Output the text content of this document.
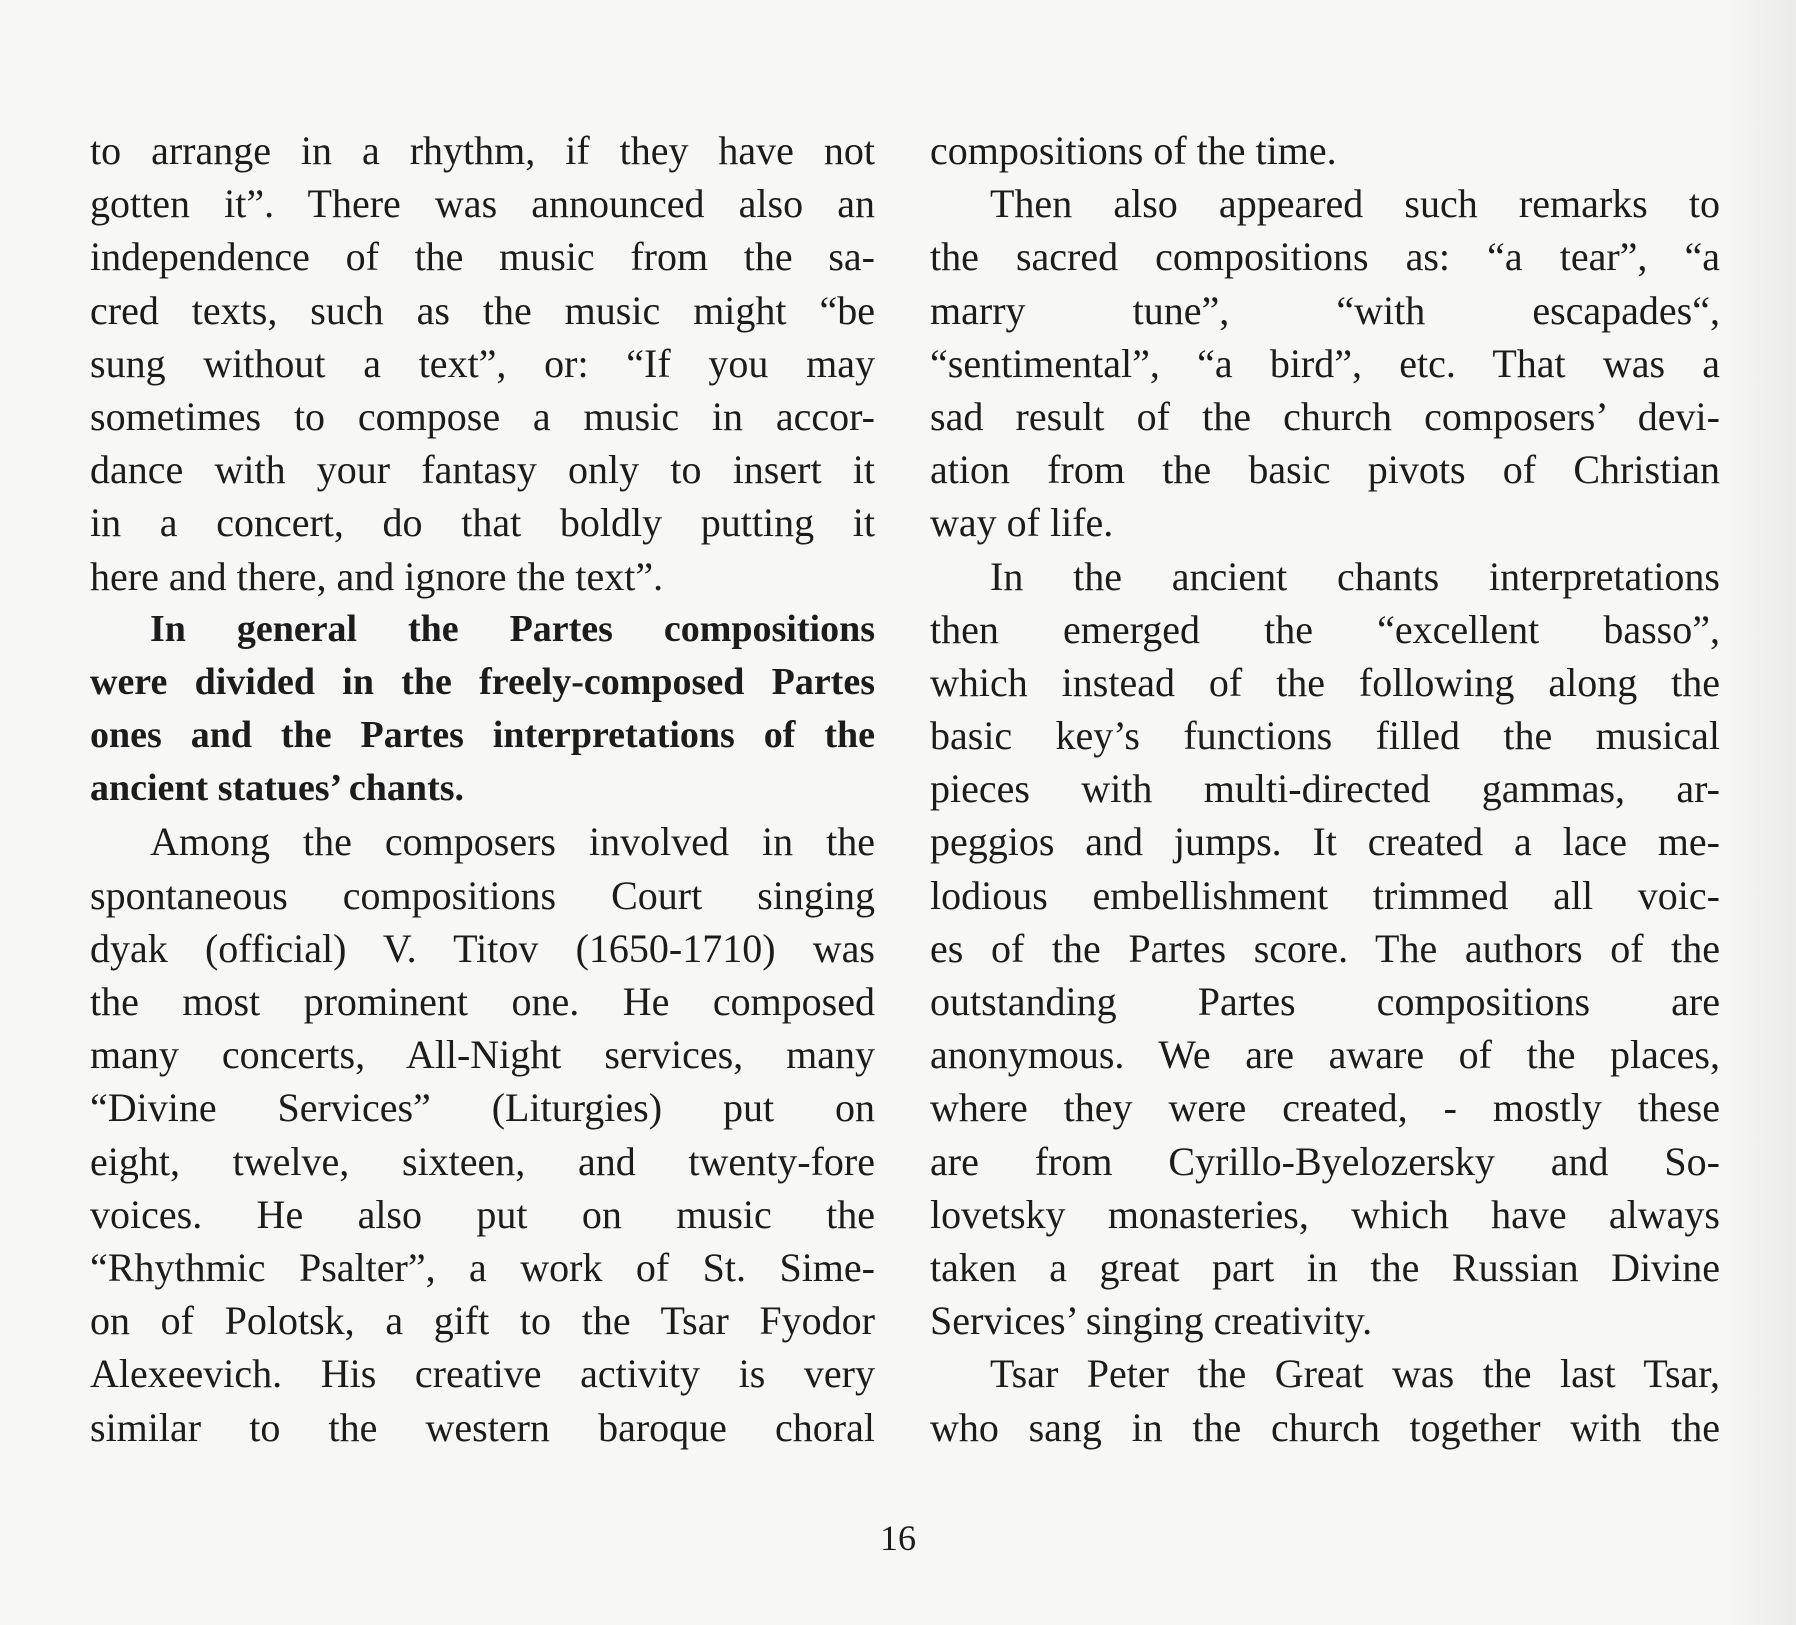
to arrange in a rhythm, if they have not
gotten it”. There was announced also an
independence of the music from the sa-
cred texts, such as the music might “be
sung without a text”, or: “If you may
sometimes to compose a music in accor-
dance with your fantasy only to insert it
in a concert, do that boldly putting it
here and there, and ignore the text”.
In general the Partes compositions
were divided in the freely-composed Partes
ones and the Partes interpretations of the
ancient statues’ chants.
Among the composers involved in the
spontaneous compositions Court singing
dyak (official) V. Titov (1650-1710) was
the most prominent one. He composed
many concerts, All-Night services, many
“Divine Services” (Liturgies) put on
eight, twelve, sixteen, and twenty-fore
voices. He also put on music the
“Rhythmic Psalter”, a work of St. Sime-
on of Polotsk, a gift to the Tsar Fyodor
Alexeevich. His creative activity is very
similar to the western baroque choral
compositions of the time.
Then also appeared such remarks to
the sacred compositions as: “a tear”, “a
marry tune”, “with escapades“,
“sentimental”, “a bird”, etc. That was a
sad result of the church composers’ devi-
ation from the basic pivots of Christian
way of life.
In the ancient chants interpretations
then emerged the “excellent basso”,
which instead of the following along the
basic key’s functions filled the musical
pieces with multi-directed gammas, ar-
peggios and jumps. It created a lace me-
lodious embellishment trimmed all voic-
es of the Partes score. The authors of the
outstanding Partes compositions are
anonymous. We are aware of the places,
where they were created, - mostly these
are from Cyrillo-Byelozersky and So-
lovetsky monasteries, which have always
taken a great part in the Russian Divine
Services’ singing creativity.
Tsar Peter the Great was the last Tsar,
who sang in the church together with the
16
